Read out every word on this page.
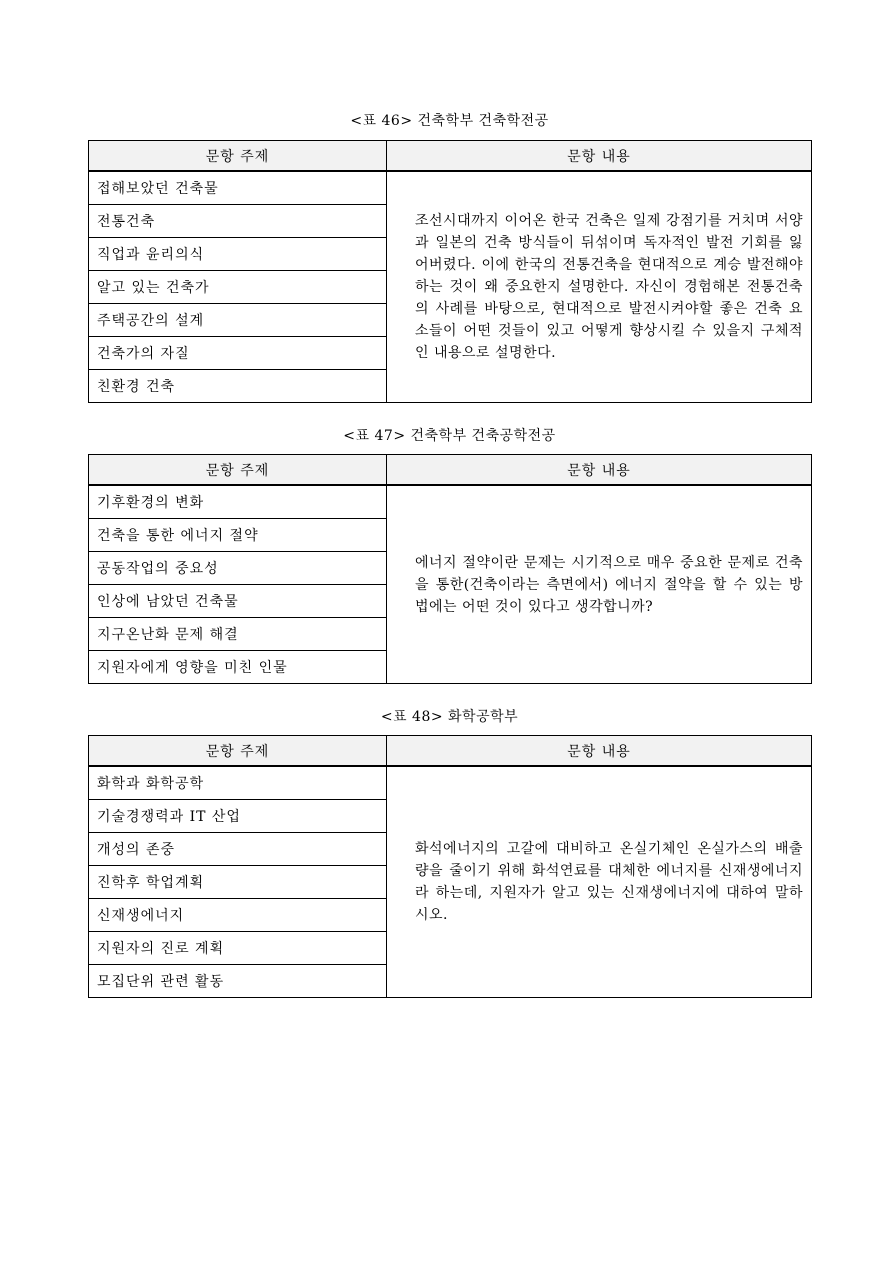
<표 46> 건축학부 건축학전공
문항 주제	문항 내용
접해보았던 건축물	조선시대까지 이어온 한국 건축은 일제 강점기를 거치며 서양과 일본의 건축 방식들이 뒤섞이며 독자적인 발전 기회를 잃어버렸다. 이에 한국의 전통건축을 현대적으로 계승 발전해야 하는 것이 왜 중요한지 설명한다. 자신이 경험해본 전통건축의 사례를 바탕으로, 현대적으로 발전시켜야할 좋은 건축 요소들이 어떤 것들이 있고 어떻게 향상시킬 수 있을지 구체적인 내용으로 설명한다.
전통건축	
직업과 윤리의식	
알고 있는 건축가	
주택공간의 설계	
건축가의 자질	
친환경 건축	
<표 47> 건축학부 건축공학전공
문항 주제	문항 내용
기후환경의 변화	에너지 절약이란 문제는 시기적으로 매우 중요한 문제로 건축을 통한(건축이라는 측면에서) 에너지 절약을 할 수 있는 방법에는 어떤 것이 있다고 생각합니까?
건축을 통한 에너지 절약	
공동작업의 중요성	
인상에 남았던 건축물	
지구온난화 문제 해결	
지원자에게 영향을 미친 인물	
<표 48> 화학공학부
문항 주제	문항 내용
화학과 화학공학	화석에너지의 고갈에 대비하고 온실기체인 온실가스의 배출량을 줄이기 위해 화석연료를 대체한 에너지를 신재생에너지라 하는데, 지원자가 알고 있는 신재생에너지에 대하여 말하시오.
기술경쟁력과 IT 산업	
개성의 존중	
진학후 학업계획	
신재생에너지	
지원자의 진로 계획	
모집단위 관련 활동	
